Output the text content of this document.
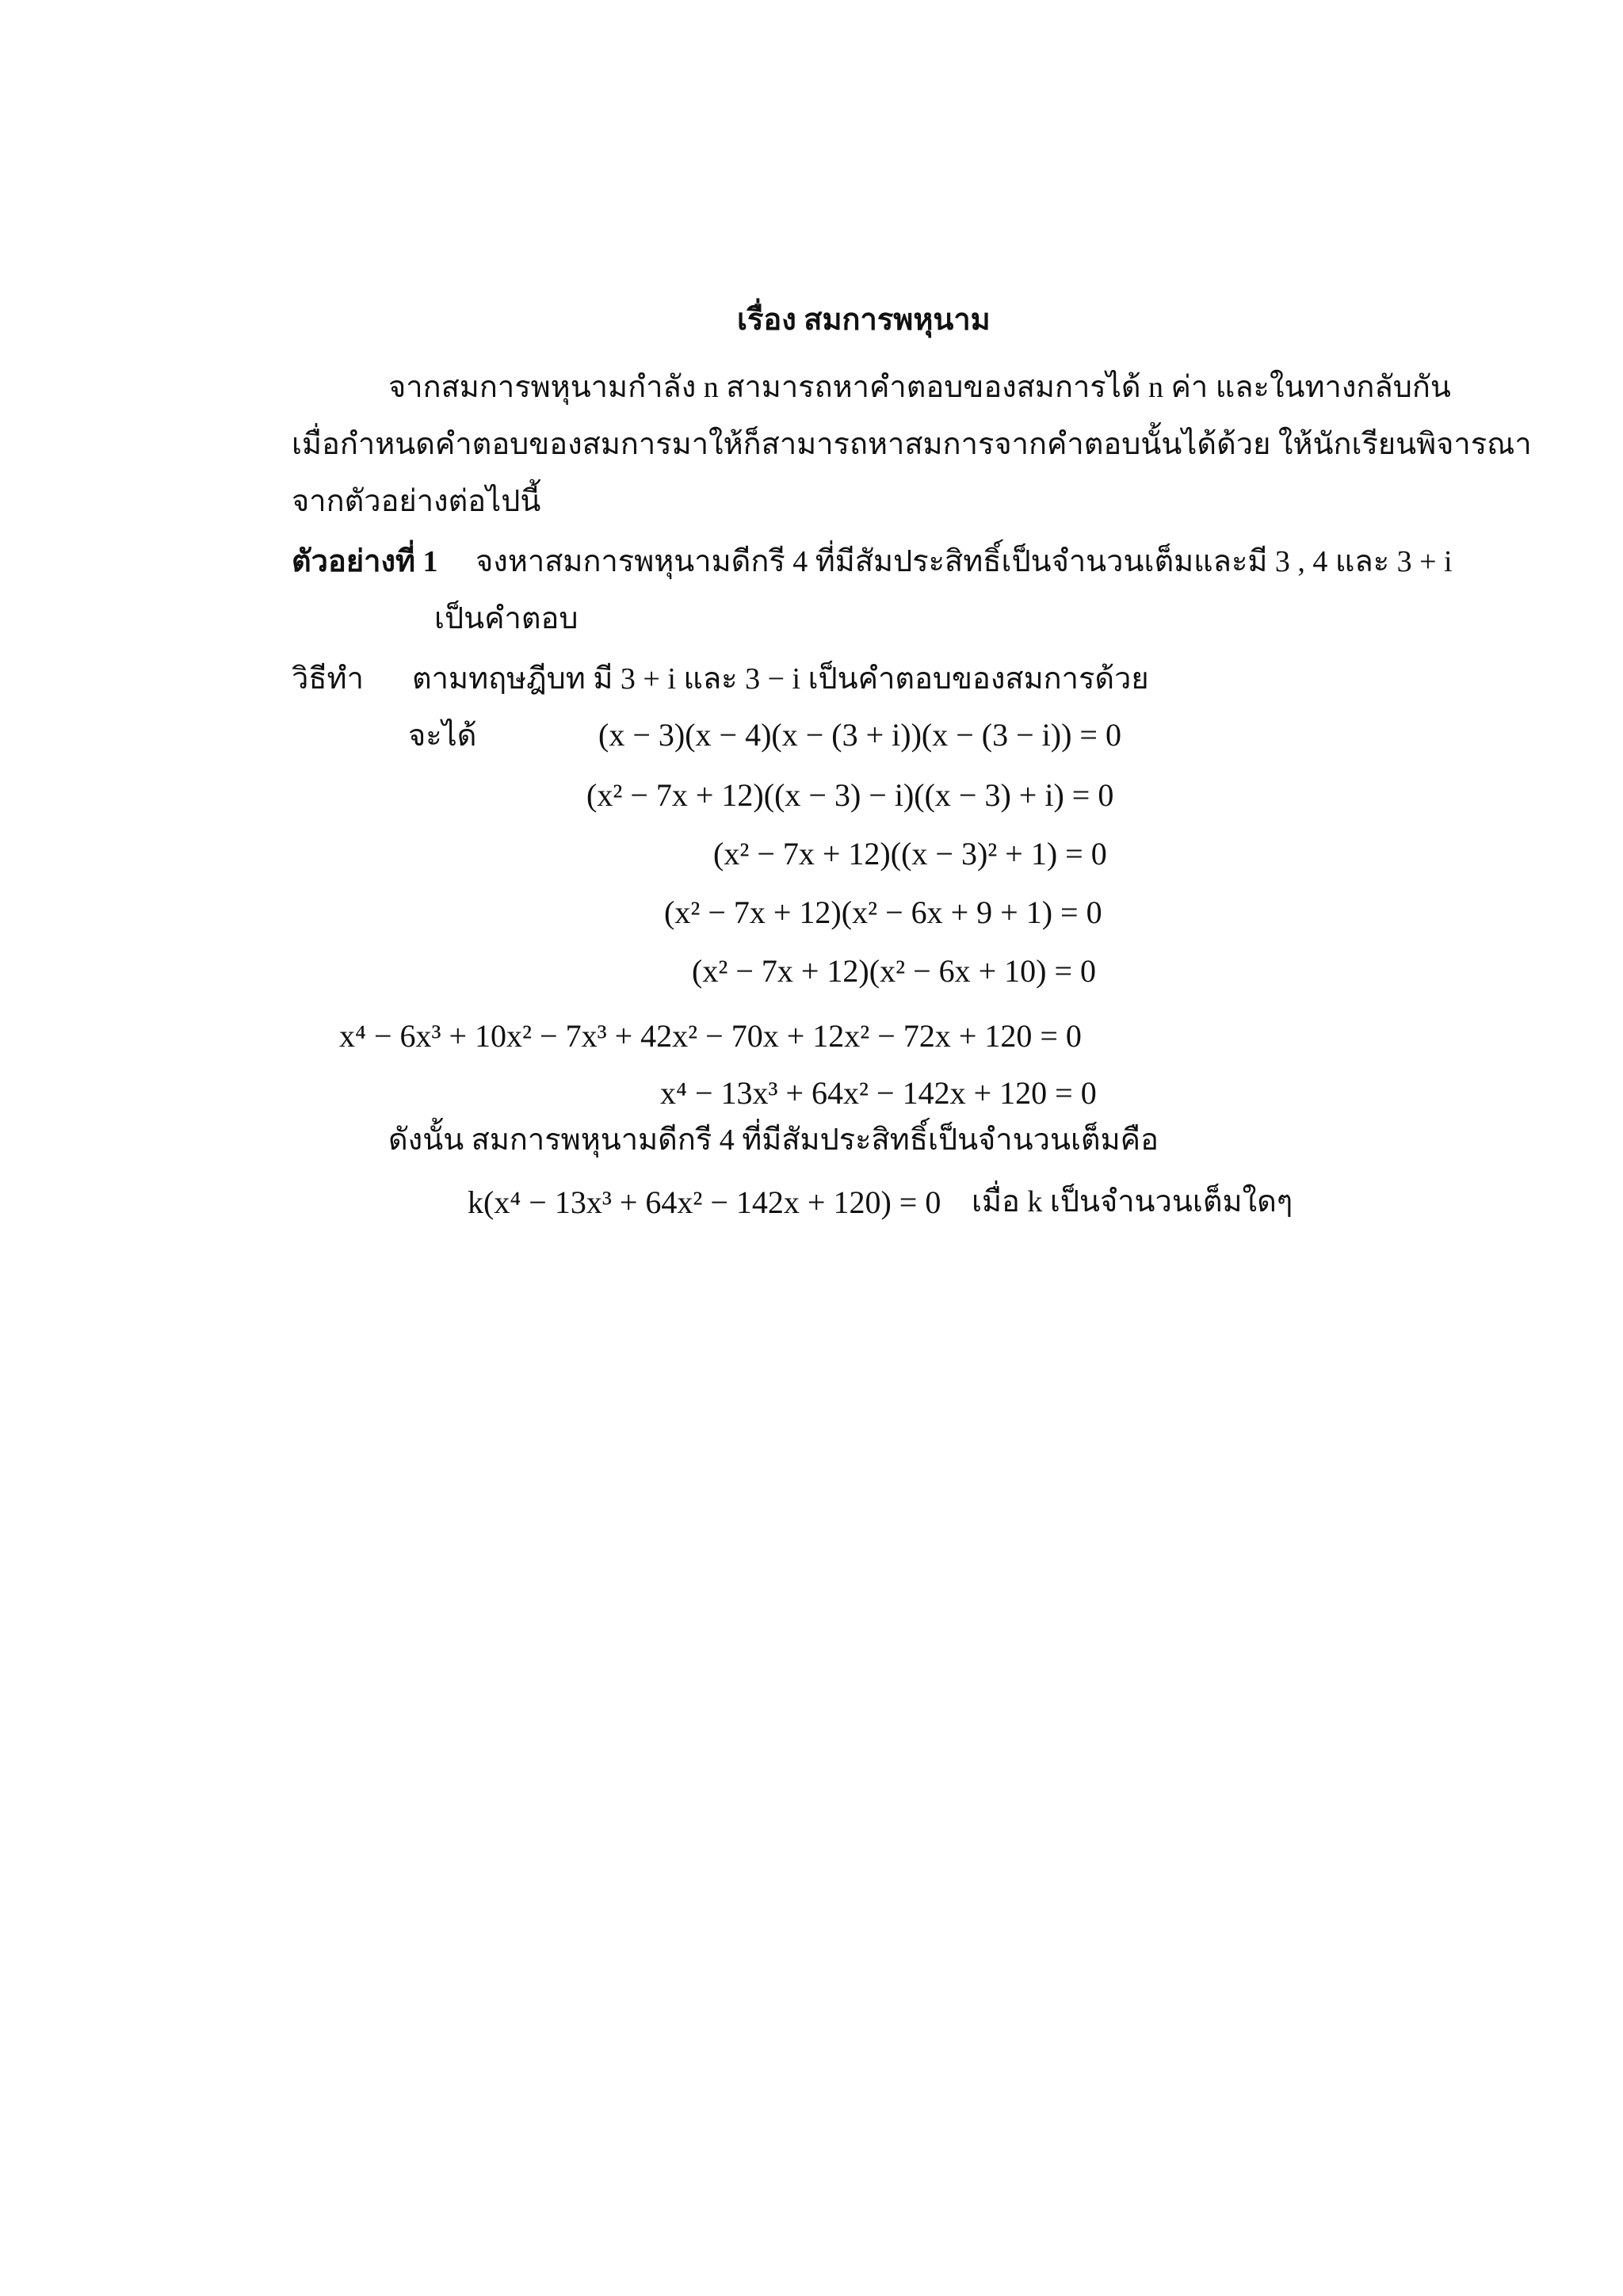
เรื่อง สมการพหุนาม
จากสมการพหุนามกำลัง n สามารถหาคำตอบของสมการได้ n ค่า และในทางกลับกัน
เมื่อกำหนดคำตอบของสมการมาให้ก็สามารถหาสมการจากคำตอบนั้นได้ด้วย ให้นักเรียนพิจารณา
จากตัวอย่างต่อไปนี้
ตัวอย่างที่ 1 จงหาสมการพหุนามดีกรี 4 ที่มีสัมประสิทธิ์เป็นจำนวนเต็มและมี 3 , 4 และ 3 + i
เป็นคำตอบ
วิธีทำ ตามทฤษฎีบท มี 3 + i และ 3 − i เป็นคำตอบของสมการด้วย
จะได้	(x − 3)(x − 4)(x − (3 + i))(x − (3 − i)) = 0
(x² − 7x + 12)((x − 3) − i)((x − 3) + i) = 0
(x² − 7x + 12)((x − 3)² + 1) = 0
(x² − 7x + 12)(x² − 6x + 9 + 1) = 0
(x² − 7x + 12)(x² − 6x + 10) = 0
x⁴ − 6x³ + 10x² − 7x³ + 42x² − 70x + 12x² − 72x + 120 = 0
x⁴ − 13x³ + 64x² − 142x + 120 = 0
ดังนั้น สมการพหุนามดีกรี 4 ที่มีสัมประสิทธิ์เป็นจำนวนเต็มคือ
k(x⁴ − 13x³ + 64x² − 142x + 120) = 0 เมื่อ k เป็นจำนวนเต็มใดๆ
